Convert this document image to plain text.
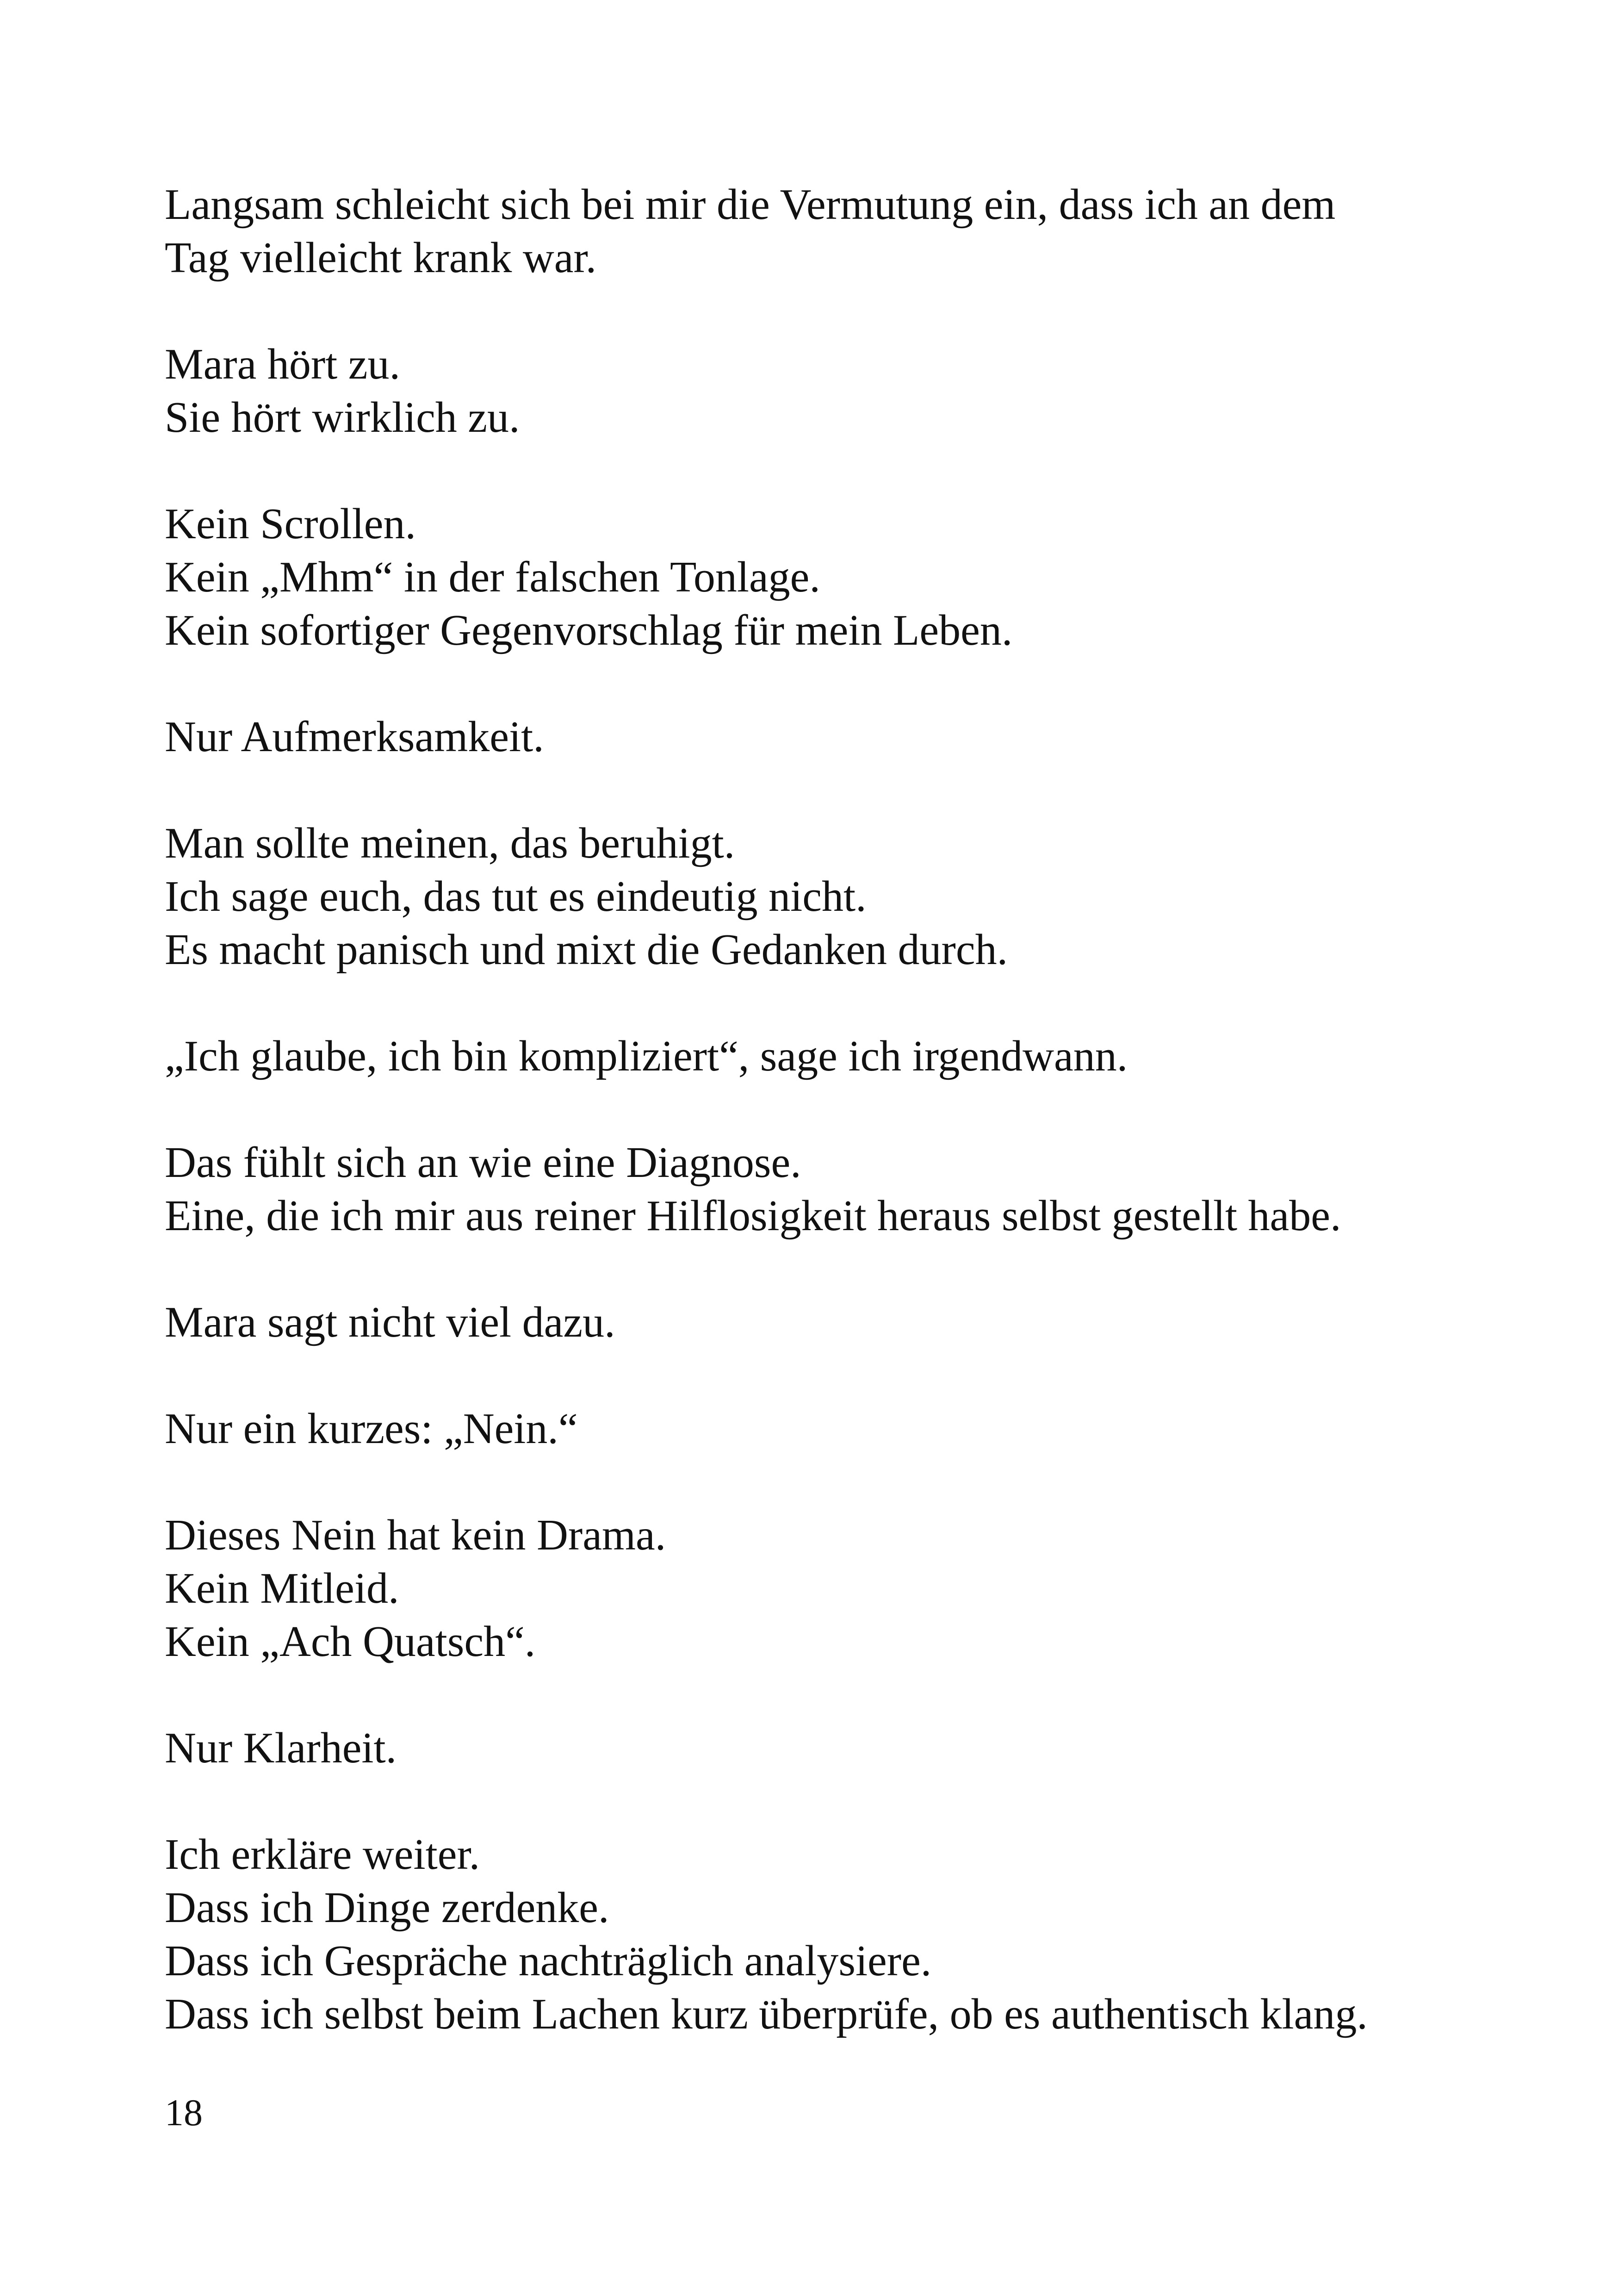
Langsam schleicht sich bei mir die Vermutung ein, dass ich an dem
Tag vielleicht krank war.

Mara hört zu.
Sie hört wirklich zu.

Kein Scrollen.
Kein „Mhm“ in der falschen Tonlage.
Kein sofortiger Gegenvorschlag für mein Leben.

Nur Aufmerksamkeit.

Man sollte meinen, das beruhigt.
Ich sage euch, das tut es eindeutig nicht.
Es macht panisch und mixt die Gedanken durch.

„Ich glaube, ich bin kompliziert“, sage ich irgendwann.

Das fühlt sich an wie eine Diagnose.
Eine, die ich mir aus reiner Hilflosigkeit heraus selbst gestellt habe.

Mara sagt nicht viel dazu.

Nur ein kurzes: „Nein.“

Dieses Nein hat kein Drama.
Kein Mitleid.
Kein „Ach Quatsch“.

Nur Klarheit.

Ich erkläre weiter.
Dass ich Dinge zerdenke.
Dass ich Gespräche nachträglich analysiere.
Dass ich selbst beim Lachen kurz überprüfe, ob es authentisch klang.

18
